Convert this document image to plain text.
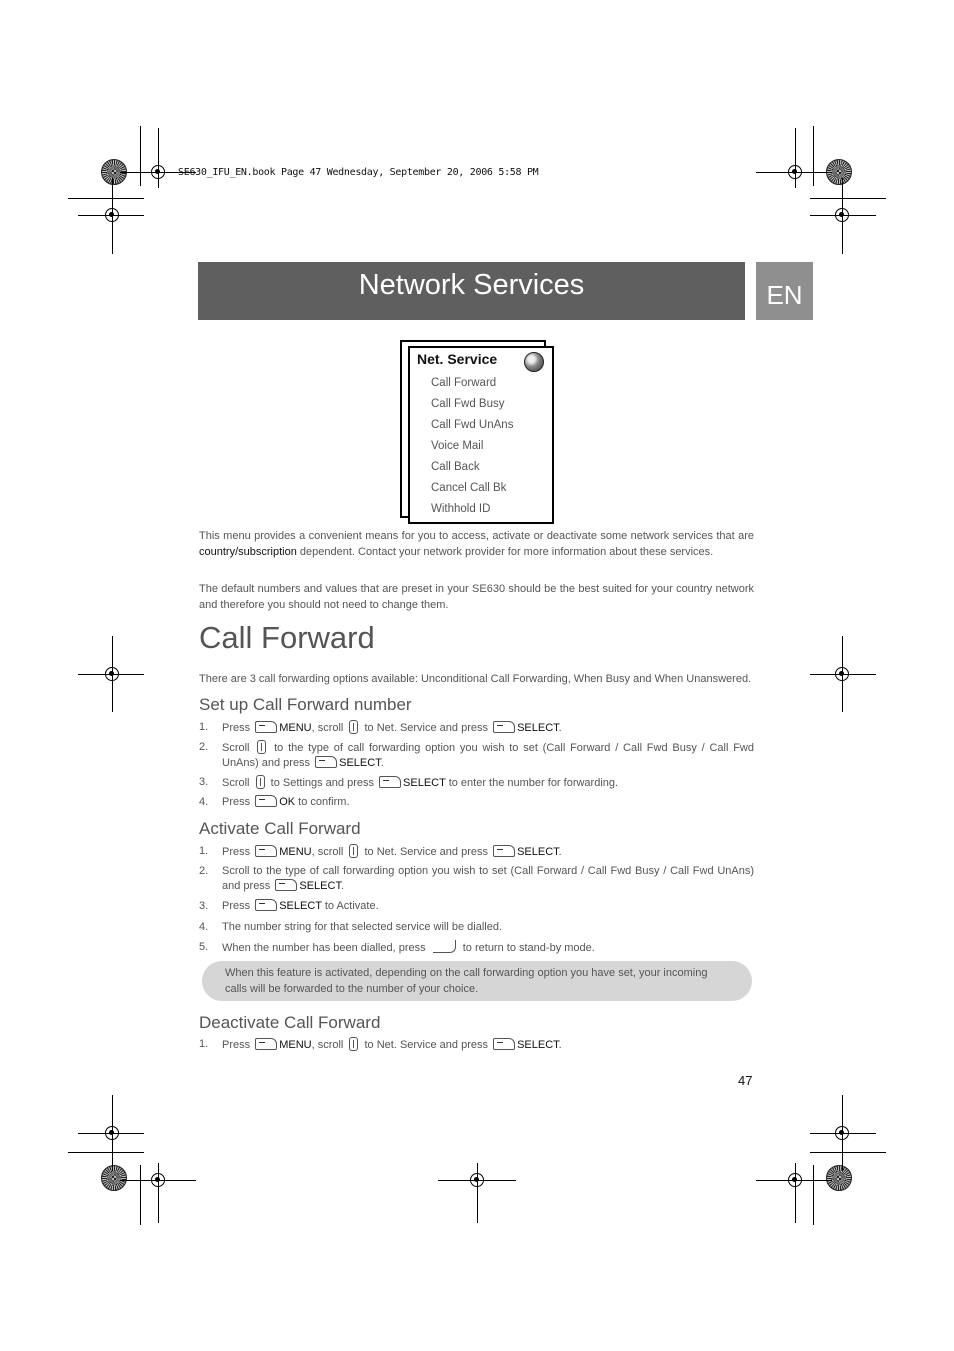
SE630_IFU_EN.book Page 47 Wednesday, September 20, 2006 5:58 PM
Network Services	EN
Net. Service
Call Forward
Call Fwd Busy
Call Fwd UnAns
Voice Mail
Call Back
Cancel Call Bk
Withhold ID

This menu provides a convenient means for you to access, activate or deactivate some network services that are country/subscription dependent. Contact your network provider for more information about these services.

The default numbers and values that are preset in your SE630 should be the best suited for your country network and therefore you should not need to change them.

Call Forward

There are 3 call forwarding options available: Unconditional Call Forwarding, When Busy and When Unanswered.

Set up Call Forward number
1. Press	MENU, scroll to Net. Service and press	SELECT.
2. Scroll to the type of call forwarding option you wish to set (Call Forward / Call Fwd Busy / Call Fwd UnAns) and press	SELECT.
3. Scroll to Settings and press	SELECT to enter the number for forwarding.
4. Press	OK to confirm.
Activate Call Forward
1. Press	MENU, scroll to Net. Service and press	SELECT.
2. Scroll to the type of call forwarding option you wish to set (Call Forward / Call Fwd Busy / Call Fwd UnAns) and press	SELECT.
3. Press	SELECT to Activate.
4. The number string for that selected service will be dialled.
5. When the number has been dialled, press	to return to stand-by mode.
When this feature is activated, depending on the call forwarding option you have set, your incoming calls will be forwarded to the number of your choice.
Deactivate Call Forward
1. Press	MENU, scroll to Net. Service and press	SELECT.
47
